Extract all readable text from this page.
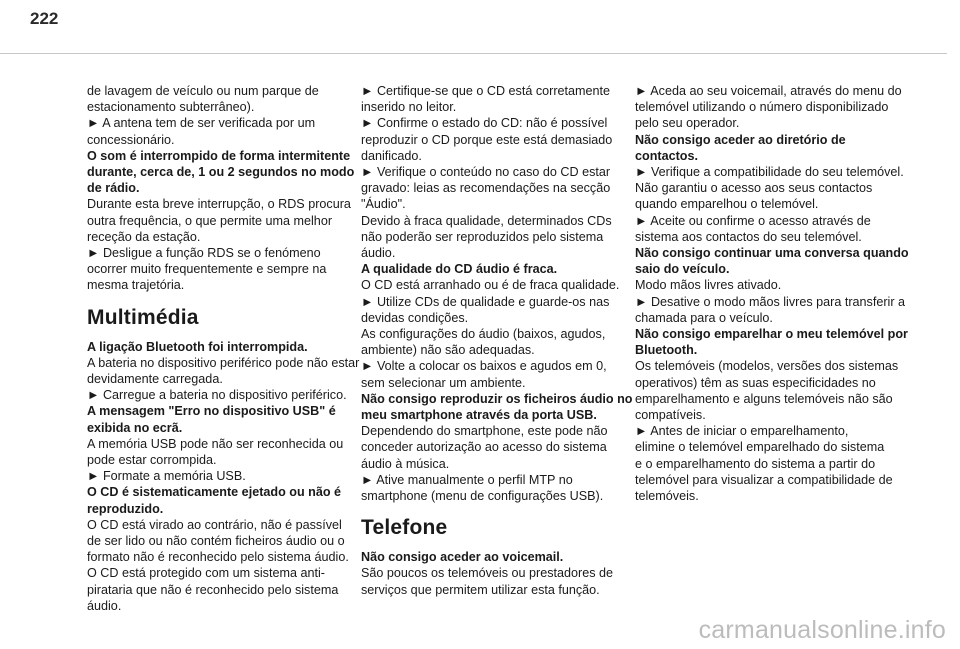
222
de lavagem de veículo ou num parque de
estacionamento subterrâneo).
► A antena tem de ser verificada por um
concessionário.
O som é interrompido de forma intermitente
durante, cerca de, 1 ou 2 segundos no modo
de rádio.
Durante esta breve interrupção, o RDS procura
outra frequência, o que permite uma melhor
receção da estação.
► Desligue a função RDS se o fenómeno
ocorrer muito frequentemente e sempre na
mesma trajetória.
Multimédia
A ligação Bluetooth foi interrompida.
A bateria no dispositivo periférico pode não estar
devidamente carregada.
► Carregue a bateria no dispositivo periférico.
A mensagem "Erro no dispositivo USB" é
exibida no ecrã.
A memória USB pode não ser reconhecida ou
pode estar corrompida.
► Formate a memória USB.
O CD é sistematicamente ejetado ou não é
reproduzido.
O CD está virado ao contrário, não é passível
de ser lido ou não contém ficheiros áudio ou o
formato não é reconhecido pelo sistema áudio.
O CD está protegido com um sistema anti-
pirataria que não é reconhecido pelo sistema
áudio.
► Certifique-se que o CD está corretamente
inserido no leitor.
► Confirme o estado do CD: não é possível
reproduzir o CD porque este está demasiado
danificado.
► Verifique o conteúdo no caso do CD estar
gravado: leias as recomendações na secção
"Áudio".
Devido à fraca qualidade, determinados CDs
não poderão ser reproduzidos pelo sistema
áudio.
A qualidade do CD áudio é fraca.
O CD está arranhado ou é de fraca qualidade.
► Utilize CDs de qualidade e guarde-os nas
devidas condições.
As configurações do áudio (baixos, agudos,
ambiente) não são adequadas.
► Volte a colocar os baixos e agudos em 0,
sem selecionar um ambiente.
Não consigo reproduzir os ficheiros áudio no
meu smartphone através da porta USB.
Dependendo do smartphone, este pode não
conceder autorização ao acesso do sistema
áudio à música.
► Ative manualmente o perfil MTP no
smartphone (menu de configurações USB).
Telefone
Não consigo aceder ao voicemail.
São poucos os telemóveis ou prestadores de
serviços que permitem utilizar esta função.
► Aceda ao seu voicemail, através do menu do
telemóvel utilizando o número disponibilizado
pelo seu operador.
Não consigo aceder ao diretório de
contactos.
► Verifique a compatibilidade do seu telemóvel.
Não garantiu o acesso aos seus contactos
quando emparelhou o telemóvel.
► Aceite ou confirme o acesso através de
sistema aos contactos do seu telemóvel.
Não consigo continuar uma conversa quando
saio do veículo.
Modo mãos livres ativado.
► Desative o modo mãos livres para transferir a
chamada para o veículo.
Não consigo emparelhar o meu telemóvel por
Bluetooth.
Os telemóveis (modelos, versões dos sistemas
operativos) têm as suas especificidades no
emparelhamento e alguns telemóveis não são
compatíveis.
► Antes de iniciar o emparelhamento,
elimine o telemóvel emparelhado do sistema
e o emparelhamento do sistema a partir do
telemóvel para visualizar a compatibilidade de
telemóveis.
carmanualsonline.info
